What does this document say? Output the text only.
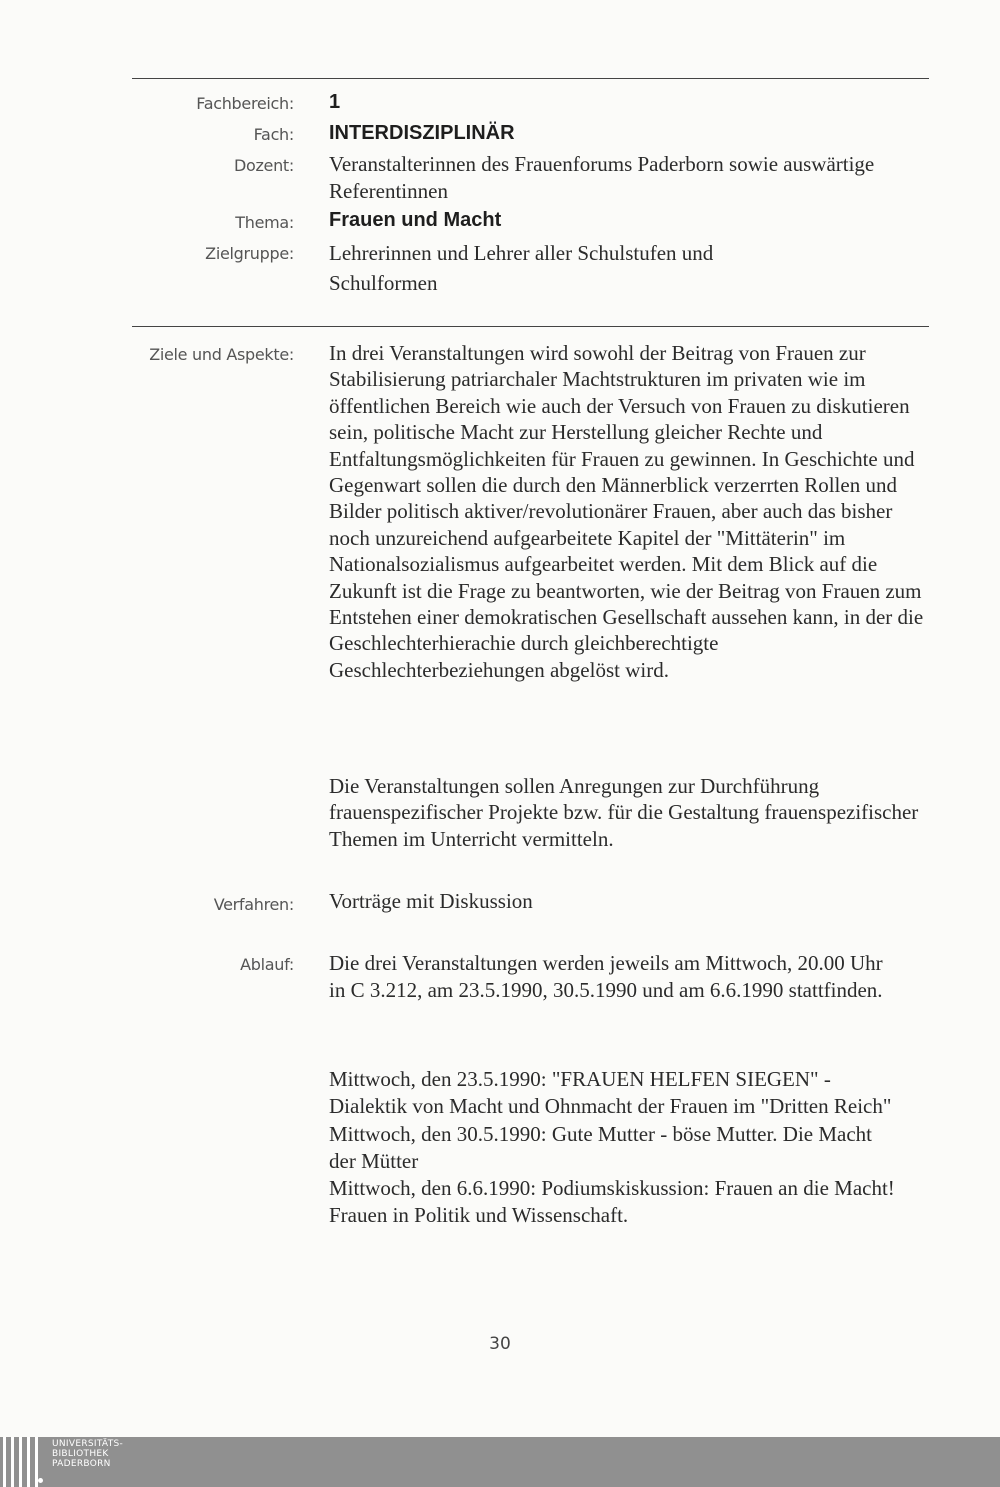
Fachbereich: 1
Fach: INTERDISZIPLINÄR
Dozent: Veranstalterinnen des Frauenforums Paderborn sowie auswärtige Referentinnen
Thema: Frauen und Macht
Zielgruppe: Lehrerinnen und Lehrer aller Schulstufen und Schulformen
Ziele und Aspekte: In drei Veranstaltungen wird sowohl der Beitrag von Frauen zur Stabilisierung patriarchaler Machtstrukturen im privaten wie im öffentlichen Bereich wie auch der Versuch von Frauen zu diskutieren sein, politische Macht zur Herstellung gleicher Rechte und Entfaltungsmöglichkeiten für Frauen zu gewinnen. In Geschichte und Gegenwart sollen die durch den Männerblick verzerrten Rollen und Bilder politisch aktiver/revolutionärer Frauen, aber auch das bisher noch unzureichend aufgearbeitete Kapitel der "Mittäterin" im Nationalsozialismus aufgearbeitet werden. Mit dem Blick auf die Zukunft ist die Frage zu beantworten, wie der Beitrag von Frauen zum Entstehen einer demokratischen Gesellschaft aussehen kann, in der die Geschlechterhierachie durch gleichberechtigte Geschlechterbeziehungen abgelöst wird.

Die Veranstaltungen sollen Anregungen zur Durchführung frauenspezifischer Projekte bzw. für die Gestaltung frauenspezifischer Themen im Unterricht vermitteln.

Verfahren: Vorträge mit Diskussion
Ablauf: Die drei Veranstaltungen werden jeweils am Mittwoch, 20.00 Uhr in C 3.212, am 23.5.1990, 30.5.1990 und am 6.6.1990 stattfinden.

Mittwoch, den 23.5.1990: "FRAUEN HELFEN SIEGEN" - Dialektik von Macht und Ohnmacht der Frauen im "Dritten Reich"

Mittwoch, den 30.5.1990: Gute Mutter - böse Mutter. Die Macht der Mütter

Mittwoch, den 6.6.1990: Podiumskiskussion: Frauen an die Macht! Frauen in Politik und Wissenschaft.

30
UNIVERSITÄTS-
BIBLIOTHEK
PADERBORN
